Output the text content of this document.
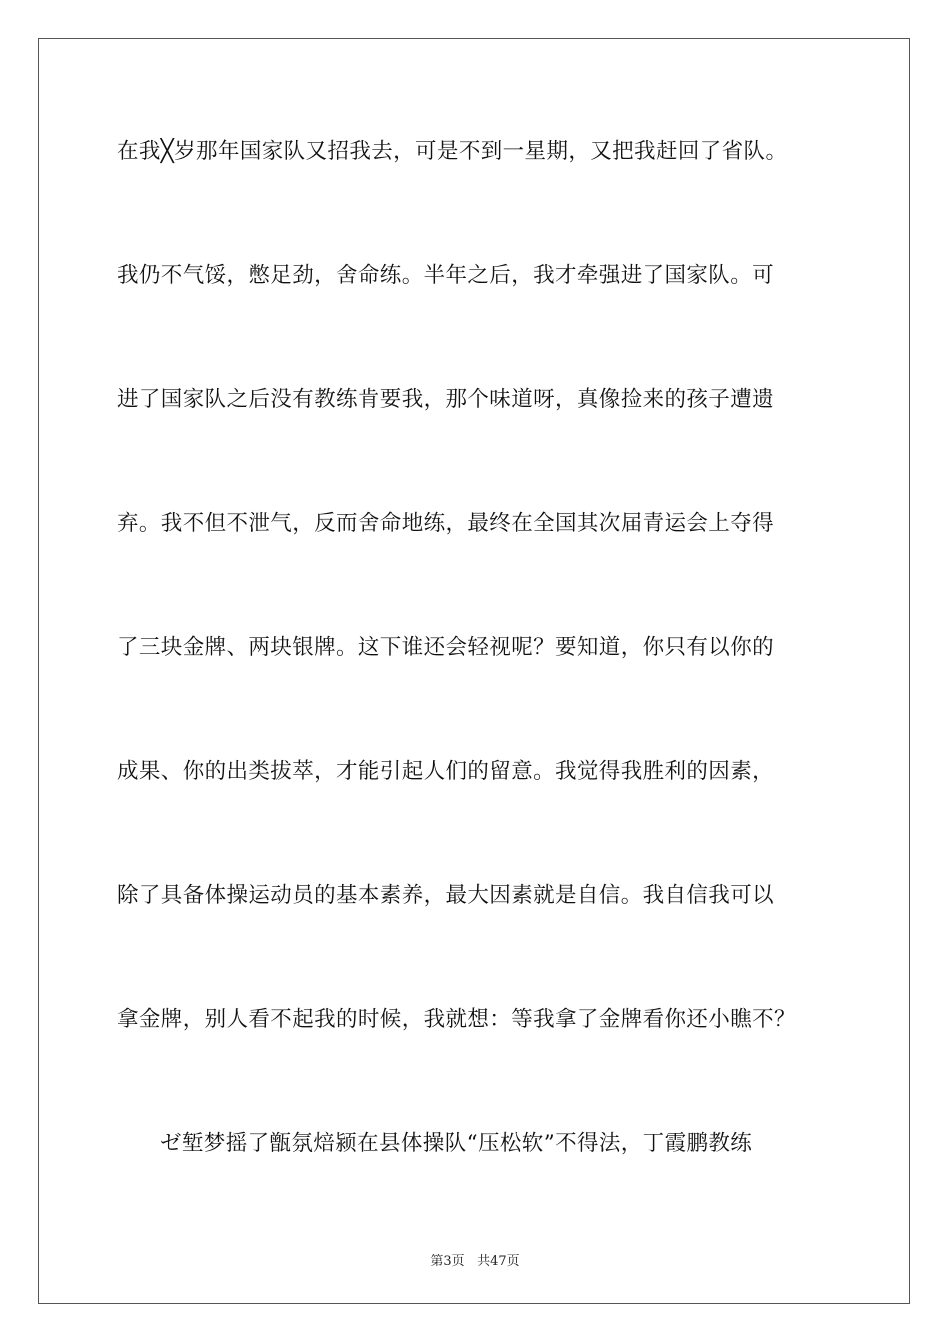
在我╳岁那年国家队又招我去，可是不到一星期，又把我赶回了省队。
我仍不气馁，憋足劲，舍命练。半年之后，我才牵强进了国家队。可
进了国家队之后没有教练肯要我，那个味道呀，真像捡来的孩子遭遗
弃。我不但不泄气，反而舍命地练，最终在全国其次届青运会上夺得
了三块金牌、两块银牌。这下谁还会轻视呢？要知道，你只有以你的
成果、你的出类拔萃，才能引起人们的留意。我觉得我胜利的因素，
除了具备体操运动员的基本素养，最大因素就是自信。我自信我可以
拿金牌，别人看不起我的时候，我就想：等我拿了金牌看你还小瞧不？
ゼ堑梦摇了甑氛焙颍在县体操队“压松软”不得法，丁霞鹏教练
第3页 共47页
